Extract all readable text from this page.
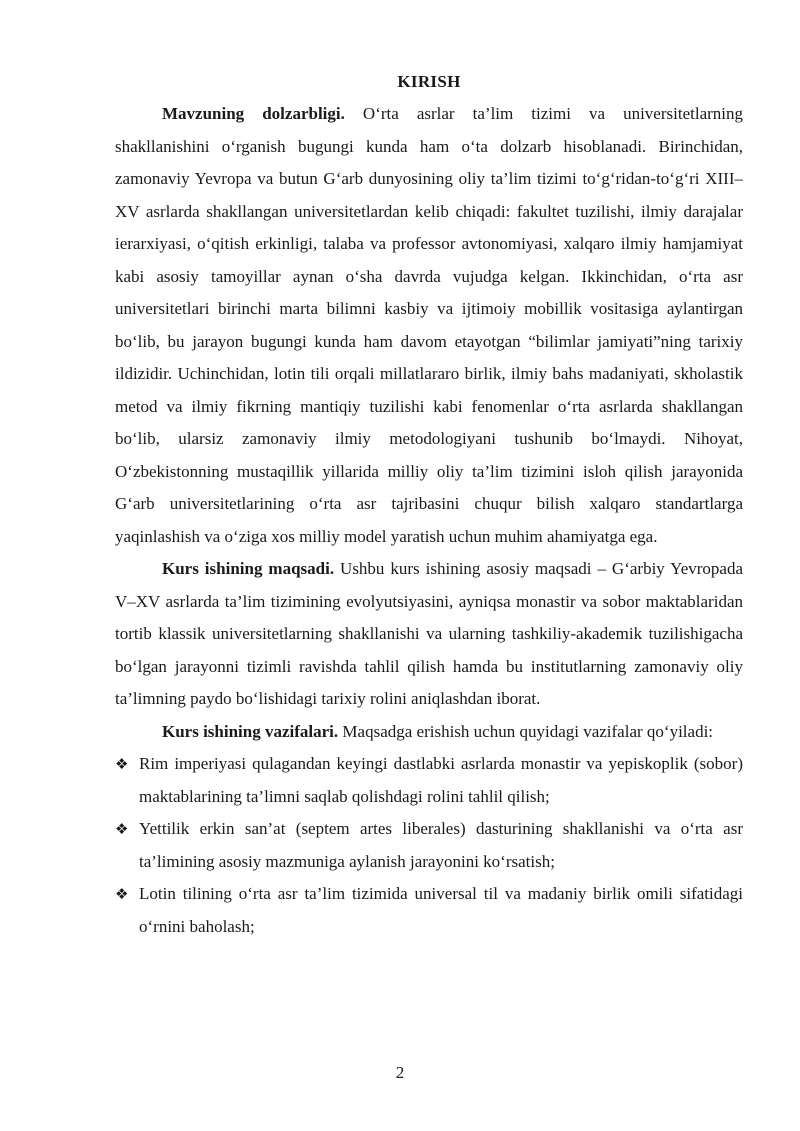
KIRISH

Mavzuning dolzarbligi. O‘rta asrlar ta’lim tizimi va universitetlarning shakllanishini o‘rganish bugungi kunda ham o‘ta dolzarb hisoblanadi. Birinchidan, zamonaviy Yevropa va butun G‘arb dunyosining oliy ta’lim tizimi to‘g‘ridan-to‘g‘ri XIII–XV asrlarda shakllangan universitetlardan kelib chiqadi: fakultet tuzilishi, ilmiy darajalar ierarxiyasi, o‘qitish erkinligi, talaba va professor avtonomiyasi, xalqaro ilmiy hamjamiyat kabi asosiy tamoyillar aynan o‘sha davrda vujudga kelgan. Ikkinchidan, o‘rta asr universitetlari birinchi marta bilimni kasbiy va ijtimoiy mobillik vositasiga aylantirgan bo‘lib, bu jarayon bugungi kunda ham davom etayotgan “bilimlar jamiyati”ning tarixiy ildizidir. Uchinchidan, lotin tili orqali millatlararo birlik, ilmiy bahs madaniyati, skholastik metod va ilmiy fikrning mantiqiy tuzilishi kabi fenomenlar o‘rta asrlarda shakllangan bo‘lib, ularsiz zamonaviy ilmiy metodologiyani tushunib bo‘lmaydi. Nihoyat, O‘zbekistonning mustaqillik yillarida milliy oliy ta’lim tizimini isloh qilish jarayonida G‘arb universitetlarining o‘rta asr tajribasini chuqur bilish xalqaro standartlarga yaqinlashish va o‘ziga xos milliy model yaratish uchun muhim ahamiyatga ega.

Kurs ishining maqsadi. Ushbu kurs ishining asosiy maqsadi – G‘arbiy Yevropada V–XV asrlarda ta’lim tizimining evolyutsiyasini, ayniqsa monastir va sobor maktablaridan tortib klassik universitetlarning shakllanishi va ularning tashkiliy-akademik tuzilishigacha bo‘lgan jarayonni tizimli ravishda tahlil qilish hamda bu institutlarning zamonaviy oliy ta’limning paydo bo‘lishidagi tarixiy rolini aniqlashdan iborat.

Kurs ishining vazifalari. Maqsadga erishish uchun quyidagi vazifalar qo‘yiladi:

❖ Rim imperiyasi qulagandan keyingi dastlabki asrlarda monastir va yepiskoplik (sobor) maktablarining ta’limni saqlab qolishdagi rolini tahlil qilish;
❖ Yettilik erkin san’at (septem artes liberales) dasturining shakllanishi va o‘rta asr ta’limining asosiy mazmuniga aylanish jarayonini ko‘rsatish;
❖ Lotin tilining o‘rta asr ta’lim tizimida universal til va madaniy birlik omili sifatidagi o‘rnini baholash;
2
